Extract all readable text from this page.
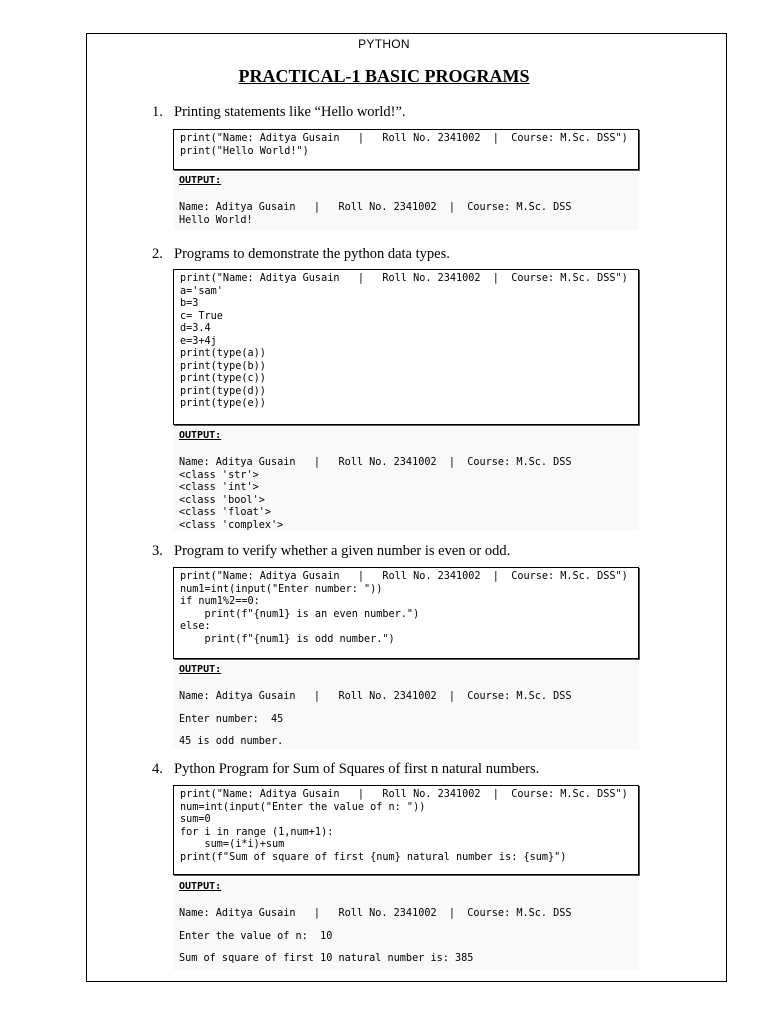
PYTHON
PRACTICAL-1 BASIC PROGRAMS
1. Printing statements like “Hello world!”.
print("Name: Aditya Gusain   |   Roll No. 2341002  |  Course: M.Sc. DSS")
print("Hello World!")
OUTPUT:
Name: Aditya Gusain   |   Roll No. 2341002  |  Course: M.Sc. DSS
Hello World!
2. Programs to demonstrate the python data types.
print("Name: Aditya Gusain   |   Roll No. 2341002  |  Course: M.Sc. DSS")
a='sam'
b=3
c= True
d=3.4
e=3+4j
print(type(a))
print(type(b))
print(type(c))
print(type(d))
print(type(e))
OUTPUT:
Name: Aditya Gusain   |   Roll No. 2341002  |  Course: M.Sc. DSS
<class 'str'>
<class 'int'>
<class 'bool'>
<class 'float'>
<class 'complex'>
3. Program to verify whether a given number is even or odd.
print("Name: Aditya Gusain   |   Roll No. 2341002  |  Course: M.Sc. DSS")
num1=int(input("Enter number: "))
if num1%2==0:
print(f"{num1} is an even number.")
else:
print(f"{num1} is odd number.")
OUTPUT:
Name: Aditya Gusain   |   Roll No. 2341002  |  Course: M.Sc. DSS
Enter number:  45
45 is odd number.
4. Python Program for Sum of Squares of first n natural numbers.
print("Name: Aditya Gusain   |   Roll No. 2341002  |  Course: M.Sc. DSS")
num=int(input("Enter the value of n: "))
sum=0
for i in range (1,num+1):
sum=(i*i)+sum
print(f"Sum of square of first {num} natural number is: {sum}")
OUTPUT:
Name: Aditya Gusain   |   Roll No. 2341002  |  Course: M.Sc. DSS
Enter the value of n:  10
Sum of square of first 10 natural number is: 385
